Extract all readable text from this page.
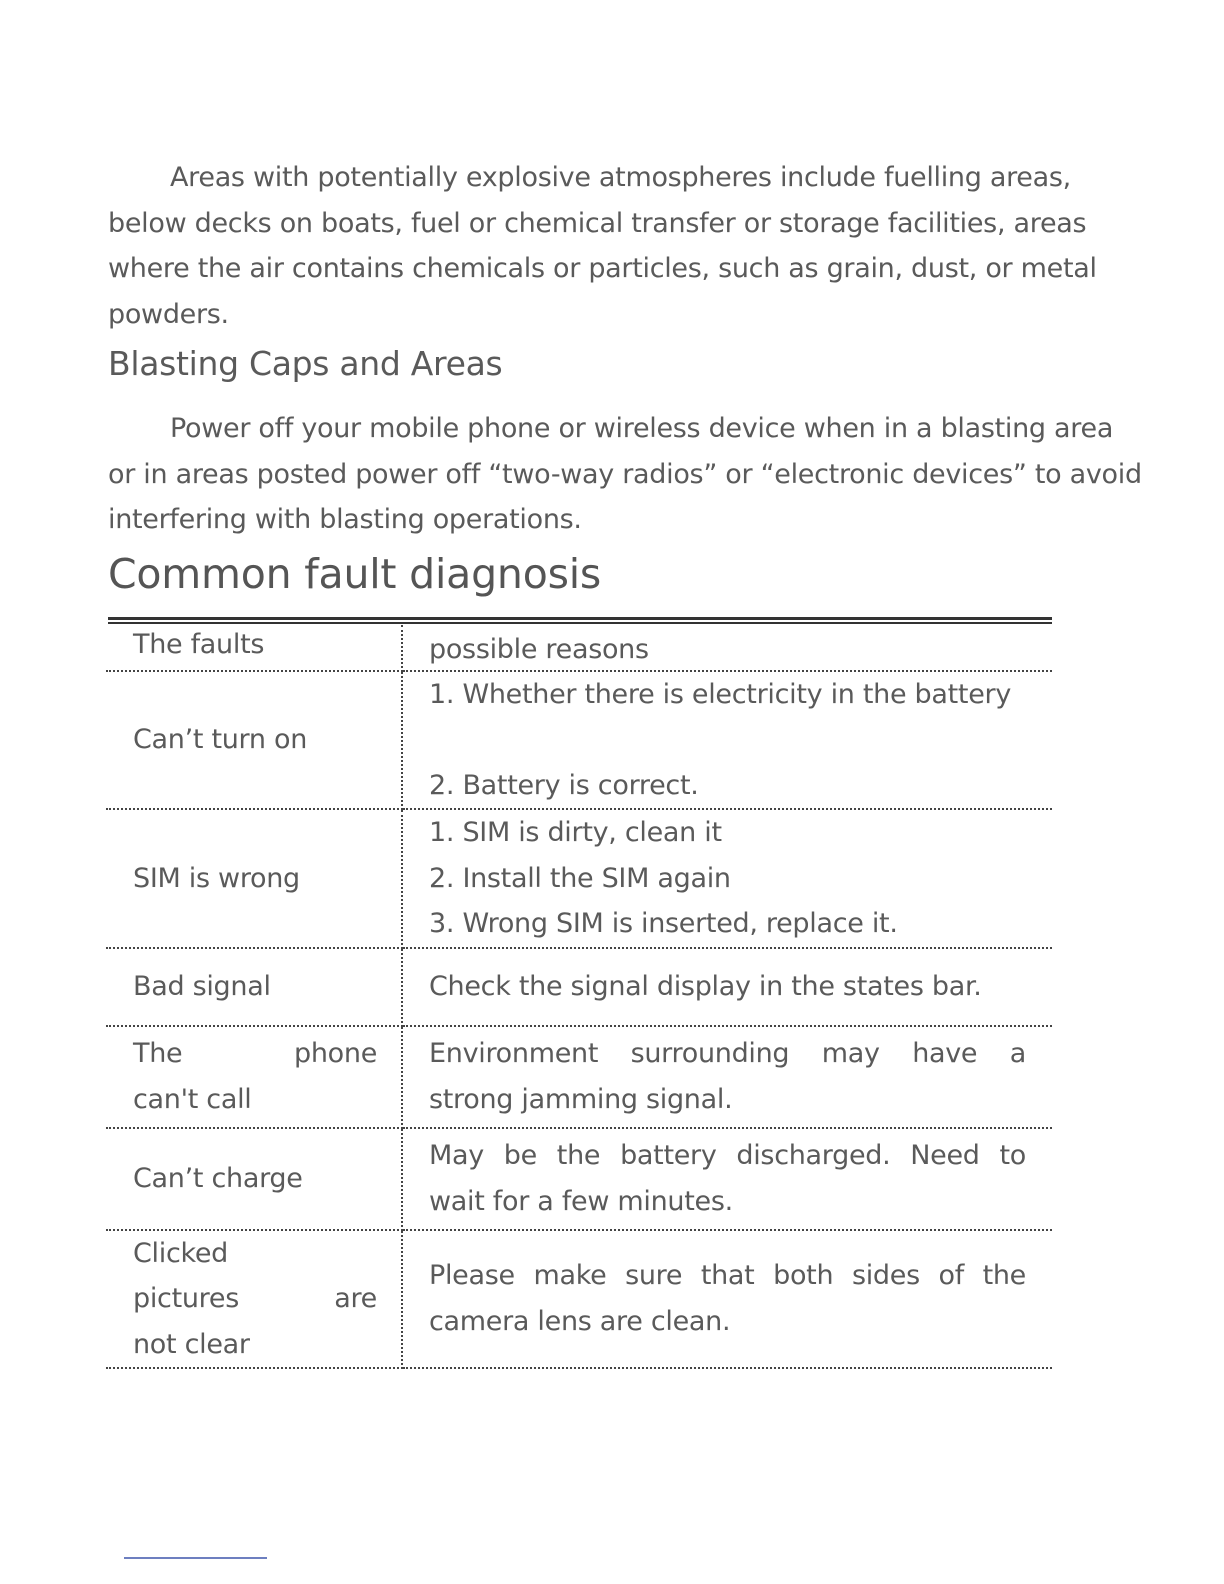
Areas with potentially explosive atmospheres include fuelling areas, below decks on boats, fuel or chemical transfer or storage facilities, areas where the air contains chemicals or particles, such as grain, dust, or metal powders.

Blasting Caps and Areas

Power off your mobile phone or wireless device when in a blasting area or in areas posted power off “two-way radios” or “electronic devices” to avoid interfering with blasting operations.

Common fault diagnosis
The faults	possible reasons
Can’t turn on	1. Whether there is electricity in the battery
2. Battery is correct.

SIM is wrong	1. SIM is dirty, clean it
2. Install the SIM again
3. Wrong SIM is inserted, replace it.

Bad signal	Check the signal display in the states bar.

The phone
can't call	Environment surrounding may have a
strong jamming signal.

Can’t charge	May be the battery discharged. Need to
wait for a few minutes.

Clicked
pictures are
not clear	Please make sure that both sides of the
camera lens are clean.
